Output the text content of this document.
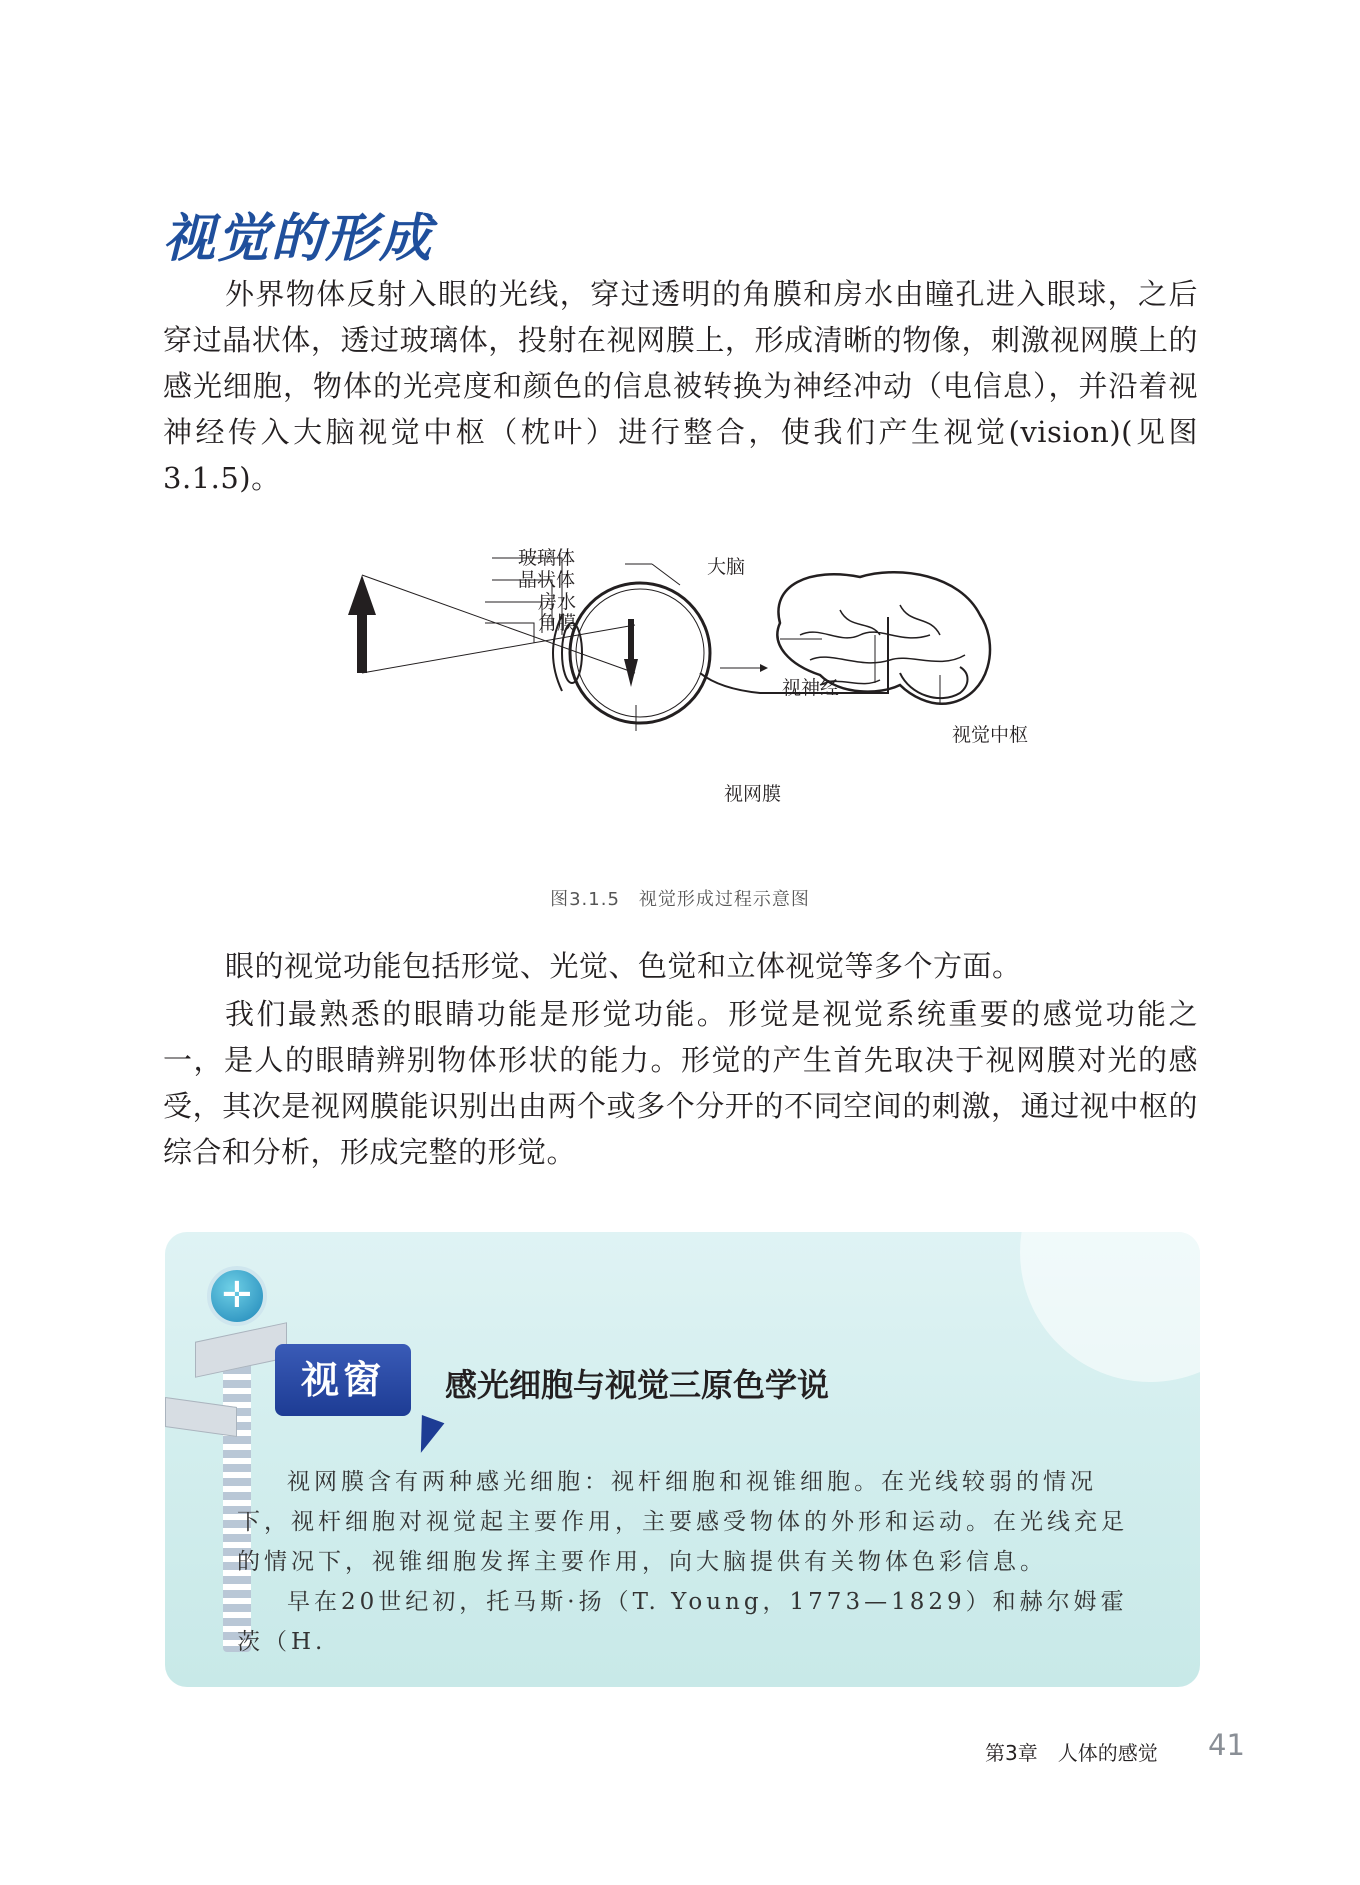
视觉的形成

外界物体反射入眼的光线，穿过透明的角膜和房水由瞳孔进入眼球，之后穿过晶状体，透过玻璃体，投射在视网膜上，形成清晰的物像，刺激视网膜上的感光细胞，物体的光亮度和颜色的信息被转换为神经冲动（电信息），并沿着视神经传入大脑视觉中枢（枕叶）进行整合，使我们产生视觉(vision)(见图3.1.5)。

玻璃体
晶状体
房水
角膜
大脑
视神经
视觉中枢
视网膜
图3.1.5　视觉形成过程示意图

眼的视觉功能包括形觉、光觉、色觉和立体视觉等多个方面。

我们最熟悉的眼睛功能是形觉功能。形觉是视觉系统重要的感觉功能之一，是人的眼睛辨别物体形状的能力。形觉的产生首先取决于视网膜对光的感受，其次是视网膜能识别出由两个或多个分开的不同空间的刺激，通过视中枢的综合和分析，形成完整的形觉。

✛
视窗	感光细胞与视觉三原色学说

视网膜含有两种感光细胞：视杆细胞和视锥细胞。在光线较弱的情况下，视杆细胞对视觉起主要作用，主要感受物体的外形和运动。在光线充足的情况下，视锥细胞发挥主要作用，向大脑提供有关物体色彩信息。

早在20世纪初，托马斯·扬（T. Young，1773—1829）和赫尔姆霍茨（H.

第3章　人体的感觉 41
